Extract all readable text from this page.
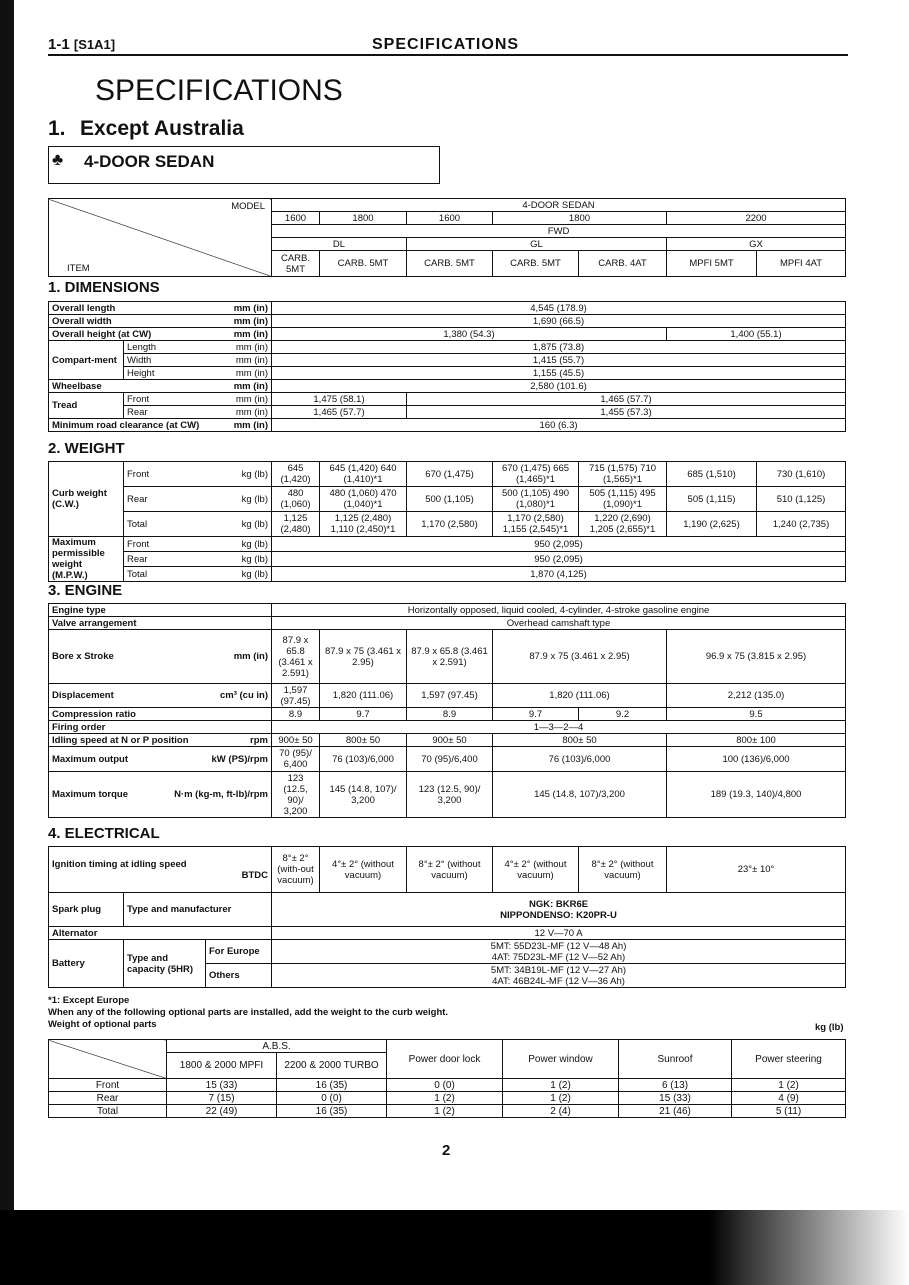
1-1 [S1A1]	SPECIFICATIONS
SPECIFICATIONS
1. Except Australia
♣ 4-DOOR SEDAN
MODEL
ITEM	4-DOOR SEDAN						
	1600	1800	1600	1800		2200	
	FWD						
	DL		GL			GX	
	CARB. 5MT	CARB. 5MT	CARB. 5MT	CARB. 5MT	CARB. 4AT	MPFI 5MT	MPFI 4AT
1. DIMENSIONS
Overall length mm (in)		4,545 (178.9)		
Overall width mm (in)		1,690 (66.5)		
Overall height (at CW) mm (in)		1,380 (54.3)		1,400 (55.1)
Compart-ment	Length mm (in)	1,875 (73.8)		
	Width mm (in)	1,415 (55.7)		
	Height mm (in)	1,155 (45.5)		
Wheelbase mm (in)		2,580 (101.6)		
Tread	Front mm (in)	1,475 (58.1)	1,465 (57.7)	
	Rear mm (in)	1,465 (57.7)	1,455 (57.3)	
Minimum road clearance (at CW) mm (in)		160 (6.3)		
2. WEIGHT
Curb weight (C.W.)	Front kg (lb)	645 (1,420)	645 (1,420) 640 (1,410)*1	670 (1,475)	670 (1,475) 665 (1,465)*1	715 (1,575) 710 (1,565)*1	685 (1,510)	730 (1,610)
	Rear kg (lb)	480 (1,060)	480 (1,060) 470 (1,040)*1	500 (1,105)	500 (1,105) 490 (1,080)*1	505 (1,115) 495 (1,090)*1	505 (1,115)	510 (1,125)
	Total kg (lb)	1,125 (2,480)	1,125 (2,480) 1,110 (2,450)*1	1,170 (2,580)	1,170 (2,580) 1,155 (2,545)*1	1,220 (2,690) 1,205 (2,655)*1	1,190 (2,625)	1,240 (2,735)
Maximum permissible weight (M.P.W.)	Front kg (lb)	950 (2,095)						
	Rear kg (lb)	950 (2,095)						
	Total kg (lb)	1,870 (4,125)						
3. ENGINE
Engine type	Horizontally opposed, liquid cooled, 4-cylinder, 4-stroke gasoline engine					
Valve arrangement	Overhead camshaft type					
Bore x Stroke mm (in)	87.9 x 65.8 (3.461 x 2.591)	87.9 x 75 (3.461 x 2.95)	87.9 x 65.8 (3.461 x 2.591)	87.9 x 75 (3.461 x 2.95)		96.9 x 75 (3.815 x 2.95)
Displacement cm³ (cu in)	1,597 (97.45)	1,820 (111.06)	1,597 (97.45)	1,820 (111.06)		2,212 (135.0)
Compression ratio	8.9	9.7	8.9	9.7	9.2	9.5
Firing order	1—3—2—4					
Idling speed at N or P position rpm	900± 50	800± 50	900± 50	800± 50		800± 100
Maximum output kW (PS)/rpm	70 (95)/ 6,400	76 (103)/6,000	70 (95)/6,400	76 (103)/6,000		100 (136)/6,000
Maximum torque N·m (kg-m, ft-lb)/rpm	123 (12.5, 90)/ 3,200	145 (14.8, 107)/ 3,200	123 (12.5, 90)/ 3,200	145 (14.8, 107)/3,200		189 (19.3, 140)/4,800
4. ELECTRICAL
Ignition timing at idling speed

BTDC			8°± 2° (with-out vacuum)	4°± 2° (without vacuum)	8°± 2° (without vacuum)	4°± 2° (without vacuum)	8°± 2° (without vacuum)	23°± 10°
Spark plug	Type and manufacturer		NGK: BKR6E
NIPPONDENSO: K20PR-U					
Alternator			12 V—70 A					
Battery	Type and capacity (5HR)	For Europe	5MT: 55D23L-MF (12 V—48 Ah)
4AT: 75D23L-MF (12 V—52 Ah)					
		Others	5MT: 34B19L-MF (12 V—27 Ah)
4AT: 46B24L-MF (12 V—36 Ah)					
*1: Except Europe
When any of the following optional parts are installed, add the weight to the curb weight.
Weight of optional parts	kg (lb)
	A.B.S.		Power door lock	Power window	Sunroof	Power steering
	1800 & 2000 MPFI	2200 & 2000 TURBO				
Front	15 (33)	16 (35)	0 (0)	1 (2)	6 (13)	1 (2)
Rear	7 (15)	0 (0)	1 (2)	1 (2)	15 (33)	4 (9)
Total	22 (49)	16 (35)	1 (2)	2 (4)	21 (46)	5 (11)
2
